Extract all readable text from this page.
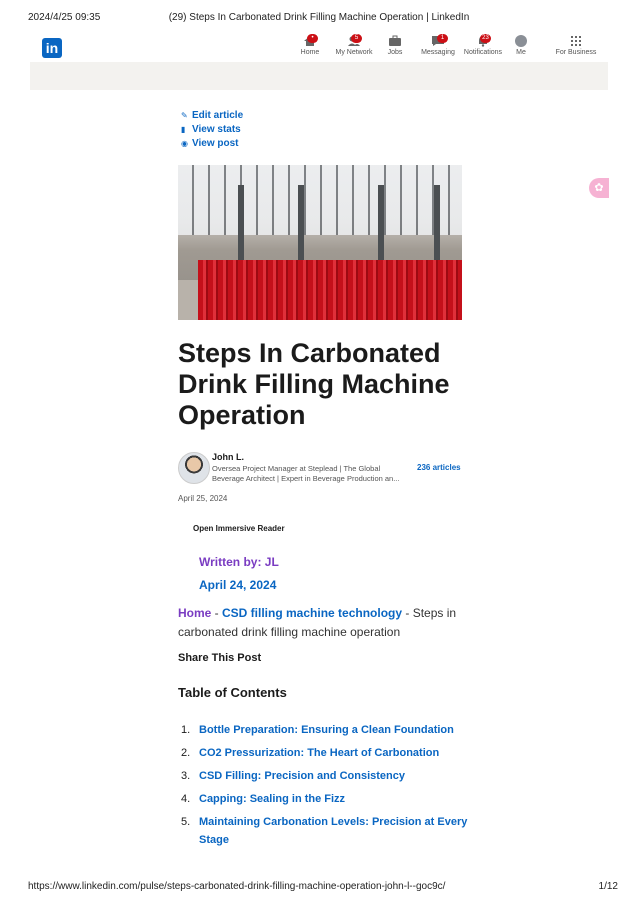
2024/4/25 09:35	(29) Steps In Carbonated Drink Filling Machine Operation | LinkedIn
https://www.linkedin.com/pulse/steps-carbonated-drink-filling-machine-operation-john-l--goc9c/	1/12
in
•
Home
5
My Network	Jobs
1
Messaging
23
Notifications	Me	For Business
✿
✎ Edit article
▮ View stats
◉ View post
Steps In Carbonated Drink Filling Machine Operation
John L.
Oversea Project Manager at Steplead | The Global Beverage Architect | Expert in Beverage Production an...
236 articles
April 25, 2024
Open Immersive Reader
Written by: JL
April 24, 2024
Home - CSD filling machine technology - Steps in carbonated drink filling machine operation
Share This Post
Table of Contents
1. Bottle Preparation: Ensuring a Clean Foundation
2. CO2 Pressurization: The Heart of Carbonation
3. CSD Filling: Precision and Consistency
4. Capping: Sealing in the Fizz
5. Maintaining Carbonation Levels: Precision at Every Stage
